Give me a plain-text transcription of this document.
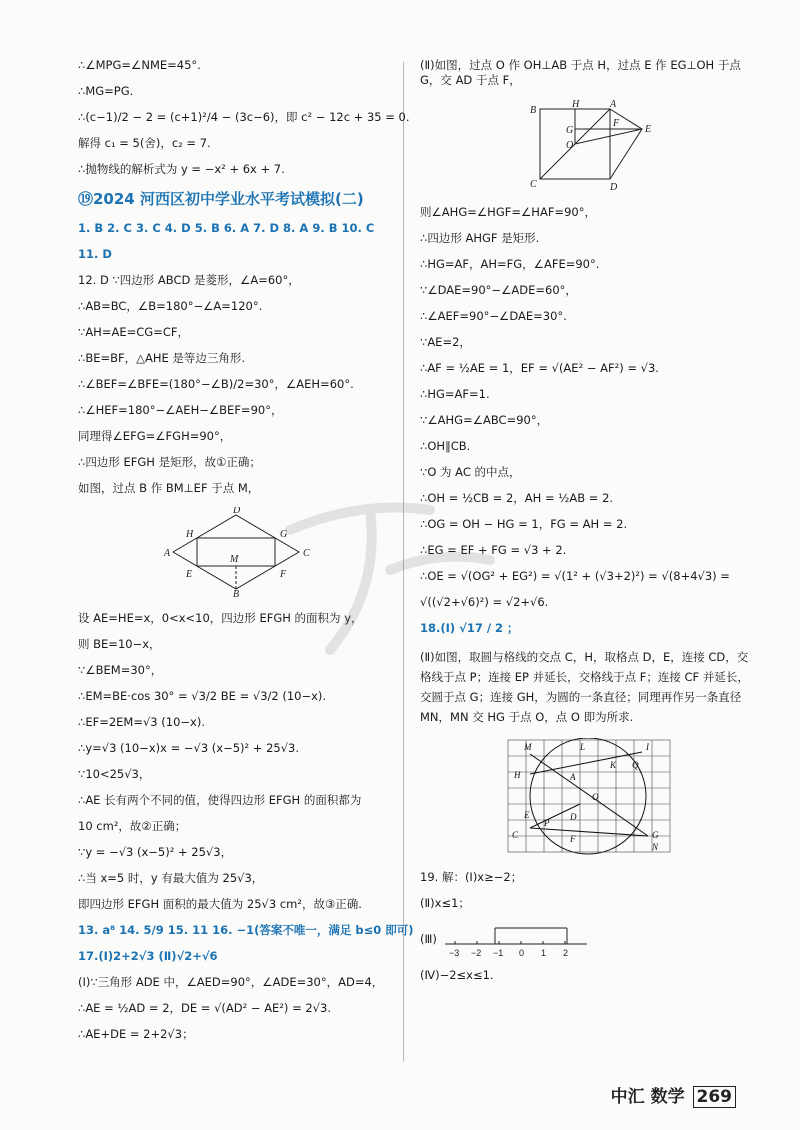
∴∠MPG=∠NME=45°.
∴MG=PG.
∴(c−1)/2 − 2 = (c+1)²/4 − (3c−6)，即 c² − 12c + 35 = 0.
解得 c₁ = 5(舍)，c₂ = 7.
∴抛物线的解析式为 y = −x² + 6x + 7.
⑲2024 河西区初中学业水平考试模拟(二)
1. B 2. C 3. C 4. D 5. B 6. A 7. D 8. A 9. B 10. C
11. D
12. D ∵四边形 ABCD 是菱形，∠A=60°，
∴AB=BC，∠B=180°−∠A=120°.
∵AH=AE=CG=CF，
∴BE=BF，△AHE 是等边三角形.
∴∠BEF=∠BFE=(180°−∠B)/2=30°，∠AEH=60°.
∴∠HEF=180°−∠AEH−∠BEF=90°，
同理得∠EFG=∠FGH=90°，
∴四边形 EFGH 是矩形，故①正确；
如图，过点 B 作 BM⊥EF 于点 M，
A
B
C
D
E	F
G
H
M
设 AE=HE=x，0<x<10，四边形 EFGH 的面积为 y，
则 BE=10−x，
∵∠BEM=30°，
∴EM=BE·cos 30° = √3/2 BE = √3/2 (10−x).
∴EF=2EM=√3 (10−x).
∴y=√3 (10−x)x = −√3 (x−5)² + 25√3.
∵10<25√3，
∴AE 长有两个不同的值，使得四边形 EFGH 的面积都为
10 cm²，故②正确；
∵y = −√3 (x−5)² + 25√3，
∴当 x=5 时，y 有最大值为 25√3，
即四边形 EFGH 面积的最大值为 25√3 cm²，故③正确.
13. a⁸ 14. 5/9 15. 11 16. −1(答案不唯一，满足 b≤0 即可)
17.(Ⅰ)2+2√3 (Ⅱ)√2+√6
(Ⅰ)∵三角形 ADE 中，∠AED=90°，∠ADE=30°，AD=4，
∴AE = ½AD = 2，DE = √(AD² − AE²) = 2√3.
∴AE+DE = 2+2√3；
(Ⅱ)如图，过点 O 作 OH⊥AB 于点 H，过点 E 作 EG⊥OH 于点 G，交 AD 于点 F，
A
B
C	D
E
F
G
H
O
则∠AHG=∠HGF=∠HAF=90°，
∴四边形 AHGF 是矩形.
∴HG=AF，AH=FG，∠AFE=90°.
∵∠DAE=90°−∠ADE=60°，
∴∠AEF=90°−∠DAE=30°.
∵AE=2，
∴AF = ½AE = 1，EF = √(AE² − AF²) = √3.
∴HG=AF=1.
∵∠AHG=∠ABC=90°，
∴OH∥CB.
∵O 为 AC 的中点，
∴OH = ½CB = 2，AH = ½AB = 2.
∴OG = OH − HG = 1，FG = AH = 2.
∴EG = EF + FG = √3 + 2.
∴OE = √(OG² + EG²) = √(1² + (√3+2)²) = √(8+4√3) =
√((√2+√6)²) = √2+√6.
18.(Ⅰ) √17 / 2 ；
(Ⅱ)如图，取圆与格线的交点 C，H，取格点 D，E，连接 CD，交格线于点 P；连接 EP 并延长，交格线于点 F；连接 CF 并延长，交圆于点 G；连接 GH，为圆的一条直径；同理再作另一条直径 MN，MN 交 HG 于点 O，点 O 即为所求.
M	L	I
H	A
K Q
O
E
P
D
C	F	G
N
19. 解：(Ⅰ)x≥−2；
(Ⅱ)x≤1；
(Ⅲ)
−3 −2 −1 0 1 2
(Ⅳ)−2≤x≤1.
中汇 数学 269
